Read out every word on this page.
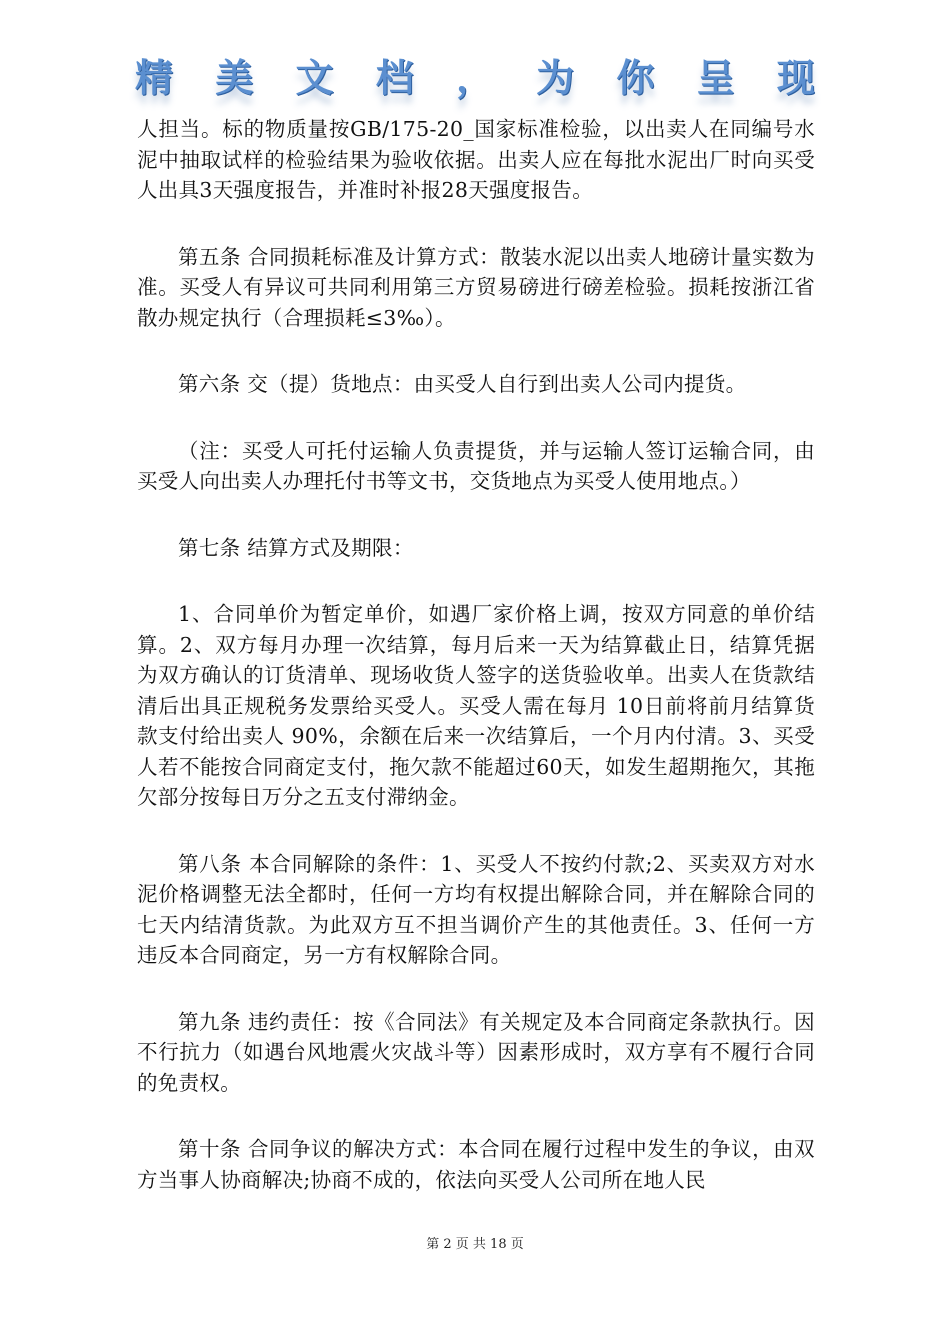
精 美 文 档 ， 为 你 呈 现

人担当。标的物质量按GB/175-20_国家标准检验，以出卖人在同编号水泥中抽取试样的检验结果为验收依据。出卖人应在每批水泥出厂时向买受人出具3天强度报告，并准时补报28天强度报告。

第五条 合同损耗标准及计算方式：散装水泥以出卖人地磅计量实数为准。买受人有异议可共同利用第三方贸易磅进行磅差检验。损耗按浙江省散办规定执行（合理损耗≤3‰）。

第六条 交（提）货地点：由买受人自行到出卖人公司内提货。

（注：买受人可托付运输人负责提货，并与运输人签订运输合同，由买受人向出卖人办理托付书等文书，交货地点为买受人使用地点。）

第七条 结算方式及期限：

1、合同单价为暂定单价，如遇厂家价格上调，按双方同意的单价结算。2、双方每月办理一次结算，每月后来一天为结算截止日，结算凭据为双方确认的订货清单、现场收货人签字的送货验收单。出卖人在货款结清后出具正规税务发票给买受人。买受人需在每月 10日前将前月结算货款支付给出卖人 90%，余额在后来一次结算后，一个月内付清。3、买受人若不能按合同商定支付，拖欠款不能超过60天，如发生超期拖欠，其拖欠部分按每日万分之五支付滞纳金。

第八条 本合同解除的条件：1、买受人不按约付款;2、买卖双方对水泥价格调整无法全都时，任何一方均有权提出解除合同，并在解除合同的七天内结清货款。为此双方互不担当调价产生的其他责任。3、任何一方违反本合同商定，另一方有权解除合同。

第九条 违约责任：按《合同法》有关规定及本合同商定条款执行。因不行抗力（如遇台风地震火灾战斗等）因素形成时，双方享有不履行合同的免责权。

第十条 合同争议的解决方式：本合同在履行过程中发生的争议，由双方当事人协商解决;协商不成的，依法向买受人公司所在地人民

第 2 页 共 18 页
